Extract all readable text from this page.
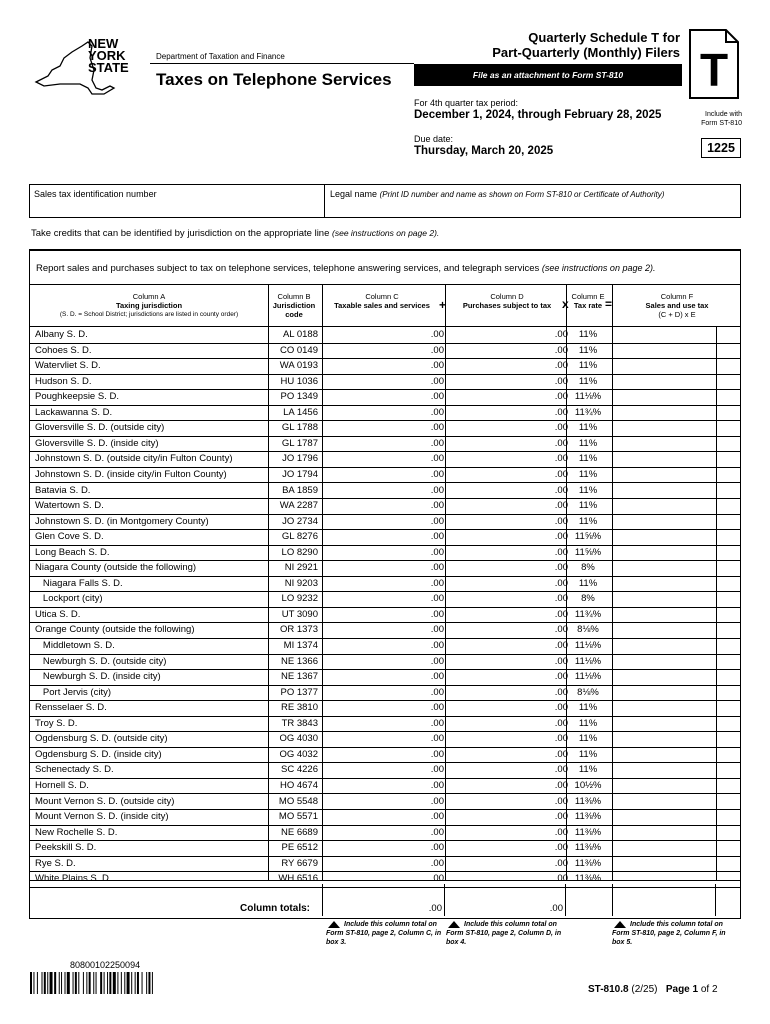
NEW
YORK
STATE
Department of Taxation and Finance
Taxes on Telephone Services
Quarterly Schedule T for
Part-Quarterly (Monthly) Filers
File as an attachment to Form ST-810	T
For 4th quarter tax period:
December 1, 2024, through February 28, 2025
Due date:
Thursday, March 20, 2025
Include with Form ST-810
1225
Sales tax identification number	Legal name (Print ID number and name as shown on Form ST-810 or Certificate of Authority)
Take credits that can be identified by jurisdiction on the appropriate line (see instructions on page 2).
Report sales and purchases subject to tax on telephone services, telephone answering services, and telegraph services (see instructions on page 2).
Column A
Taxing jurisdiction
(S. D. = School District; jurisdictions are listed in county order)
Column B
Jurisdiction
code
Column C
Taxable sales and services +
Column D
Purchases subject to tax x
Column E
Tax rate =
Column F
Sales and use tax
(C + D) x E
Albany S. D.	AL 0188	.00	.00	11%
Cohoes S. D.	CO 0149	.00	.00	11%
Watervliet S. D.	WA 0193	.00	.00	11%
Hudson S. D.	HU 1036	.00	.00	11%
Poughkeepsie S. D.	PO 1349	.00	.00 11⅛%
Lackawanna S. D.	LA 1456	.00	.00 11¾%
Gloversville S. D. (outside city)	GL 1788	.00	.00	11%
Gloversville S. D. (inside city)	GL 1787	.00	.00	11%
Johnstown S. D. (outside city/in Fulton County)	JO 1796	.00	.00	11%
Johnstown S. D. (inside city/in Fulton County)	JO 1794	.00	.00	11%
Batavia S. D.	BA 1859	.00	.00	11%
Watertown S. D.	WA 2287	.00	.00	11%
Johnstown S. D. (in Montgomery County)	JO 2734	.00	.00	11%
Glen Cove S. D.	GL 8276	.00	.00 11⅝%
Long Beach S. D.	LO 8290	.00	.00 11⅝%
Niagara County (outside the following)	NI 2921	.00	.00	8%
Niagara Falls S. D.	NI 9203	.00	.00	11%
Lockport (city)	LO 9232	.00	.00	8%
Utica S. D.	UT 3090	.00	.00 11¾%
Orange County (outside the following)	OR 1373	.00	.00 8⅛%
Middletown S. D.	MI 1374	.00	.00 11⅛%
Newburgh S. D. (outside city)	NE 1366	.00	.00 11⅛%
Newburgh S. D. (inside city)	NE 1367	.00	.00 11⅛%
Port Jervis (city)	PO 1377	.00	.00 8⅛%
Rensselaer S. D.	RE 3810	.00	.00	11%
Troy S. D.	TR 3843	.00	.00	11%
Ogdensburg S. D. (outside city)	OG 4030	.00	.00	11%
Ogdensburg S. D. (inside city)	OG 4032	.00	.00	11%
Schenectady S. D.	SC 4226	.00	.00	11%
Hornell S. D.	HO 4674	.00	.00 10½%
Mount Vernon S. D. (outside city)	MO 5548	.00	.00 11⅜%
Mount Vernon S. D. (inside city)	MO 5571	.00	.00 11⅜%
New Rochelle S. D.	NE 6689	.00	.00 11⅜%
Peekskill S. D.	PE 6512	.00	.00 11⅜%
Rye S. D.	RY 6679	.00	.00 11⅜%
White Plains S. D.	WH 6516	.00	.00 11⅜%
Column totals:	.00	.00
Include this column total on Form ST-810, page 2, Column C, in box 3.
Include this column total on Form ST-810, page 2, Column D, in box 4.
Include this column total on Form ST-810, page 2, Column F, in box 5.
80800102250094
ST-810.8 (2/25) Page 1 of 2
